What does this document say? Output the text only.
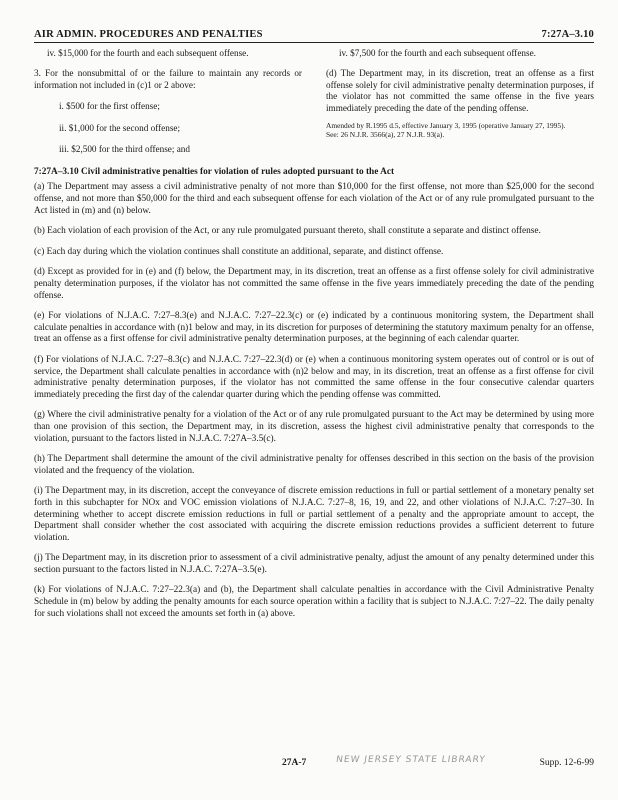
AIR ADMIN. PROCEDURES AND PENALTIES	7:27A–3.10

iv. $15,000 for the fourth and each subsequent offense.

3. For the nonsubmittal of or the failure to maintain any records or information not included in (c)1 or 2 above:

i. $500 for the first offense;

ii. $1,000 for the second offense;

iii. $2,500 for the third offense; and

iv. $7,500 for the fourth and each subsequent offense.

(d) The Department may, in its discretion, treat an offense as a first offense solely for civil administrative penalty determination purposes, if the violator has not committed the same offense in the five years immediately preceding the date of the pending offense.

Amended by R.1995 d.5, effective January 3, 1995 (operative January 27, 1995).

See: 26 N.J.R. 3566(a), 27 N.J.R. 93(a).

7:27A–3.10 Civil administrative penalties for violation of rules adopted pursuant to the Act

(a) The Department may assess a civil administrative penalty of not more than $10,000 for the first offense, not more than $25,000 for the second offense, and not more than $50,000 for the third and each subsequent offense for each violation of the Act or of any rule promulgated pursuant to the Act listed in (m) and (n) below.

(b) Each violation of each provision of the Act, or any rule promulgated pursuant thereto, shall constitute a separate and distinct offense.

(c) Each day during which the violation continues shall constitute an additional, separate, and distinct offense.

(d) Except as provided for in (e) and (f) below, the Department may, in its discretion, treat an offense as a first offense solely for civil administrative penalty determination purposes, if the violator has not committed the same offense in the five years immediately preceding the date of the pending offense.

(e) For violations of N.J.A.C. 7:27–8.3(e) and N.J.A.C. 7:27–22.3(c) or (e) indicated by a continuous monitoring system, the Department shall calculate penalties in accordance with (n)1 below and may, in its discretion for purposes of determining the statutory maximum penalty for an offense, treat an offense as a first offense for civil administrative penalty determination purposes, at the beginning of each calendar quarter.

(f) For violations of N.J.A.C. 7:27–8.3(c) and N.J.A.C. 7:27–22.3(d) or (e) when a continuous monitoring system operates out of control or is out of service, the Department shall calculate penalties in accordance with (n)2 below and may, in its discretion, treat an offense as a first offense for civil administrative penalty determination purposes, if the violator has not committed the same offense in the four consecutive calendar quarters immediately preceding the first day of the calendar quarter during which the pending offense was committed.

(g) Where the civil administrative penalty for a violation of the Act or of any rule promulgated pursuant to the Act may be determined by using more than one provision of this section, the Department may, in its discretion, assess the highest civil administrative penalty that corresponds to the violation, pursuant to the factors listed in N.J.A.C. 7:27A–3.5(c).

(h) The Department shall determine the amount of the civil administrative penalty for offenses described in this section on the basis of the provision violated and the frequency of the violation.

(i) The Department may, in its discretion, accept the conveyance of discrete emission reductions in full or partial settlement of a monetary penalty set forth in this subchapter for NOx and VOC emission violations of N.J.A.C. 7:27–8, 16, 19, and 22, and other violations of N.J.A.C. 7:27–30. In determining whether to accept discrete emission reductions in full or partial settlement of a penalty and the appropriate amount to accept, the Department shall consider whether the cost associated with acquiring the discrete emission reductions provides a sufficient deterrent to future violation.

(j) The Department may, in its discretion prior to assessment of a civil administrative penalty, adjust the amount of any penalty determined under this section pursuant to the factors listed in N.J.A.C. 7:27A–3.5(e).

(k) For violations of N.J.A.C. 7:27–22.3(a) and (b), the Department shall calculate penalties in accordance with the Civil Administrative Penalty Schedule in (m) below by adding the penalty amounts for each source operation within a facility that is subject to N.J.A.C. 7:27–22. The daily penalty for such violations shall not exceed the amounts set forth in (a) above.

27A-7	NEW JERSEY STATE LIBRARY	Supp. 12-6-99
